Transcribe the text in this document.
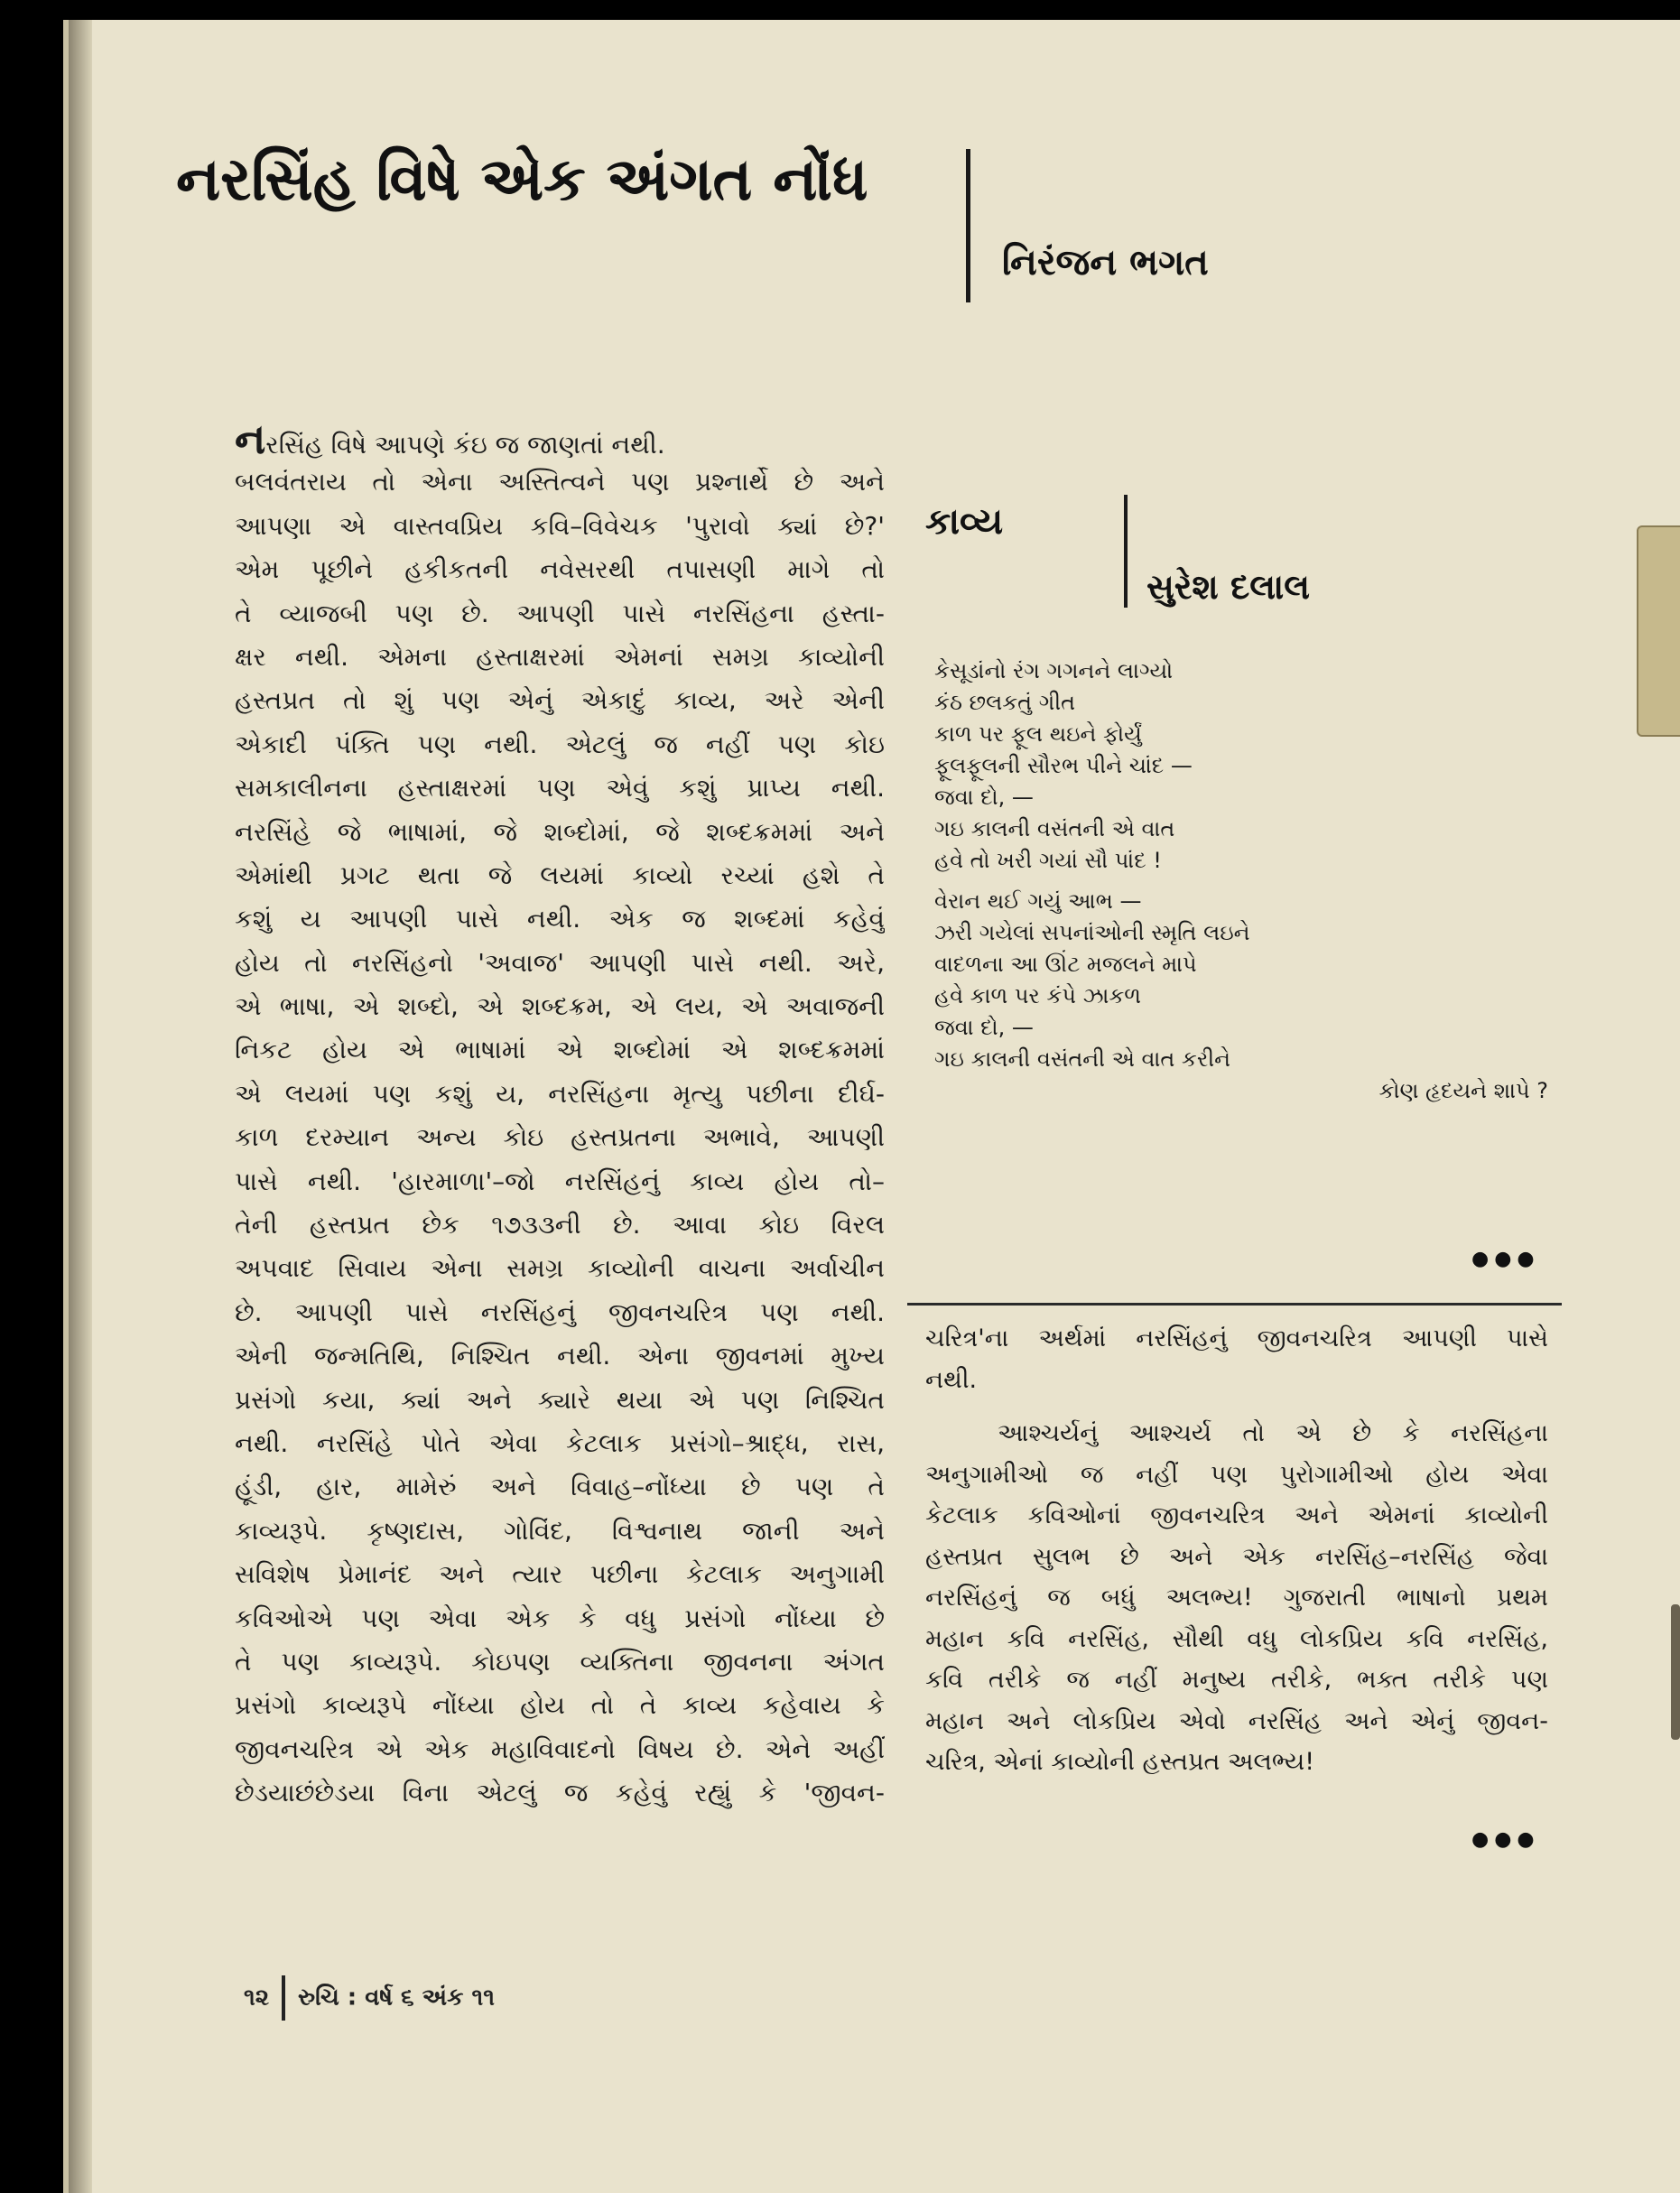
નરસિંહ વિષે એક અંગત નોંધ
નિરંજન ભગત
નરસિંહ વિષે આપણે કંઇ જ જાણતાં નથી.
બલવંતરાય તો એના અસ્તિત્વને પણ પ્રશ્નાર્થે છે અને
આપણા એ વાસ્તવપ્રિય કવિ–વિવેચક 'પુરાવો ક્યાં છે?'
એમ પૂછીને હકીકતની નવેસરથી તપાસણી માગે તો
તે વ્યાજબી પણ છે. આપણી પાસે નરસિંહના હસ્તા-
ક્ષર નથી. એમના હસ્તાક્ષરમાં એમનાં સમગ્ર કાવ્યોની
હસ્તપ્રત તો શું પણ એનું એકાદું કાવ્ય, અરે એની
એકાદી પંક્તિ પણ નથી. એટલું જ નહીં પણ કોઇ
સમકાલીનના હસ્તાક્ષરમાં પણ એવું કશું પ્રાપ્ય નથી.
નરસિંહે જે ભાષામાં, જે શબ્દોમાં, જે શબ્દક્રમમાં અને
એમાંથી પ્રગટ થતા જે લયમાં કાવ્યો રચ્યાં હશે તે
કશું ય આપણી પાસે નથી. એક જ શબ્દમાં કહેવું
હોય તો નરસિંહનો 'અવાજ' આપણી પાસે નથી. અરે,
એ ભાષા, એ શબ્દો, એ શબ્દક્રમ, એ લય, એ અવાજની
નિકટ હોય એ ભાષામાં એ શબ્દોમાં એ શબ્દક્રમમાં
એ લયમાં પણ કશું ય, નરસિંહના મૃત્યુ પછીના દીર્ઘ-
કાળ દરમ્યાન અન્ય કોઇ હસ્તપ્રતના અભાવે, આપણી
પાસે નથી. 'હારમાળા'–જો નરસિંહનું કાવ્ય હોય તો–
તેની હસ્તપ્રત છેક ૧૭૩૩ની છે. આવા કોઇ વિરલ
અપવાદ સિવાય એના સમગ્ર કાવ્યોની વાચના અર્વાચીન
છે. આપણી પાસે નરસિંહનું જીવનચરિત્ર પણ નથી.
એની જન્મતિથિ, નિશ્ચિત નથી. એના જીવનમાં મુખ્ય
પ્રસંગો કયા, ક્યાં અને ક્યારે થયા એ પણ નિશ્ચિત
નથી. નરસિંહે પોતે એવા કેટલાક પ્રસંગો–શ્રાદ્ધ, રાસ,
હૂંડી, હાર, મામેરું અને વિવાહ–નોંધ્યા છે પણ તે
કાવ્યરૂપે. કૃષ્ણદાસ, ગોવિંદ, વિશ્વનાથ જાની અને
સવિશેષ પ્રેમાનંદ અને ત્યાર પછીના કેટલાક અનુગામી
કવિઓએ પણ એવા એક કે વધુ પ્રસંગો નોંધ્યા છે
તે પણ કાવ્યરૂપે. કોઇપણ વ્યક્તિના જીવનના અંગત
પ્રસંગો કાવ્યરૂપે નોંધ્યા હોય તો તે કાવ્ય કહેવાય કે
જીવનચરિત્ર એ એક મહાવિવાદનો વિષય છે. એને અહીં
છેડયાછંછેડયા વિના એટલું જ કહેવું રહ્યું કે 'જીવન-
કાવ્ય
સુરેશ દલાલ
કેસૂડાંનો રંગ ગગનને લાગ્યો
કંઠ છલકતું ગીત
કાળ પર ફૂલ થઇને ફોર્યું
ફૂલફૂલની સૌરભ પીને ચાંદ —
જવા દો, —
ગઇ કાલની વસંતની એ વાત
હવે તો ખરી ગયાં સૌ પાંદ !
વેરાન થઈ ગયું આભ —
ઝરી ગયેલાં સપનાંઓની સ્મૃતિ લઇને
વાદળના આ ઊંટ મજલને માપે
હવે કાળ પર કંપે ઝાકળ
જવા દો, —
ગઇ કાલની વસંતની એ વાત કરીને
કોણ હૃદયને શાપે ?
●●●
ચરિત્ર'ના અર્થમાં નરસિંહનું જીવનચરિત્ર આપણી પાસે
નથી.
આશ્ચર્યનું આશ્ચર્ય તો એ છે કે નરસિંહના
અનુગામીઓ જ નહીં પણ પુરોગામીઓ હોય એવા
કેટલાક કવિઓનાં જીવનચરિત્ર અને એમનાં કાવ્યોની
હસ્તપ્રત સુલભ છે અને એક નરસિંહ–નરસિંહ જેવા
નરસિંહનું જ બધું અલભ્ય! ગુજરાતી ભાષાનો પ્રથમ
મહાન કવિ નરસિંહ, સૌથી વધુ લોકપ્રિય કવિ નરસિંહ,
કવિ તરીકે જ નહીં મનુષ્ય તરીકે, ભક્ત તરીકે પણ
મહાન અને લોકપ્રિય એવો નરસિંહ અને એનું જીવન-
ચરિત્ર, એનાં કાવ્યોની હસ્તપ્રત અલભ્ય!
●●●
૧૨ રુચિ : વર્ષ ૬ અંક ૧૧
